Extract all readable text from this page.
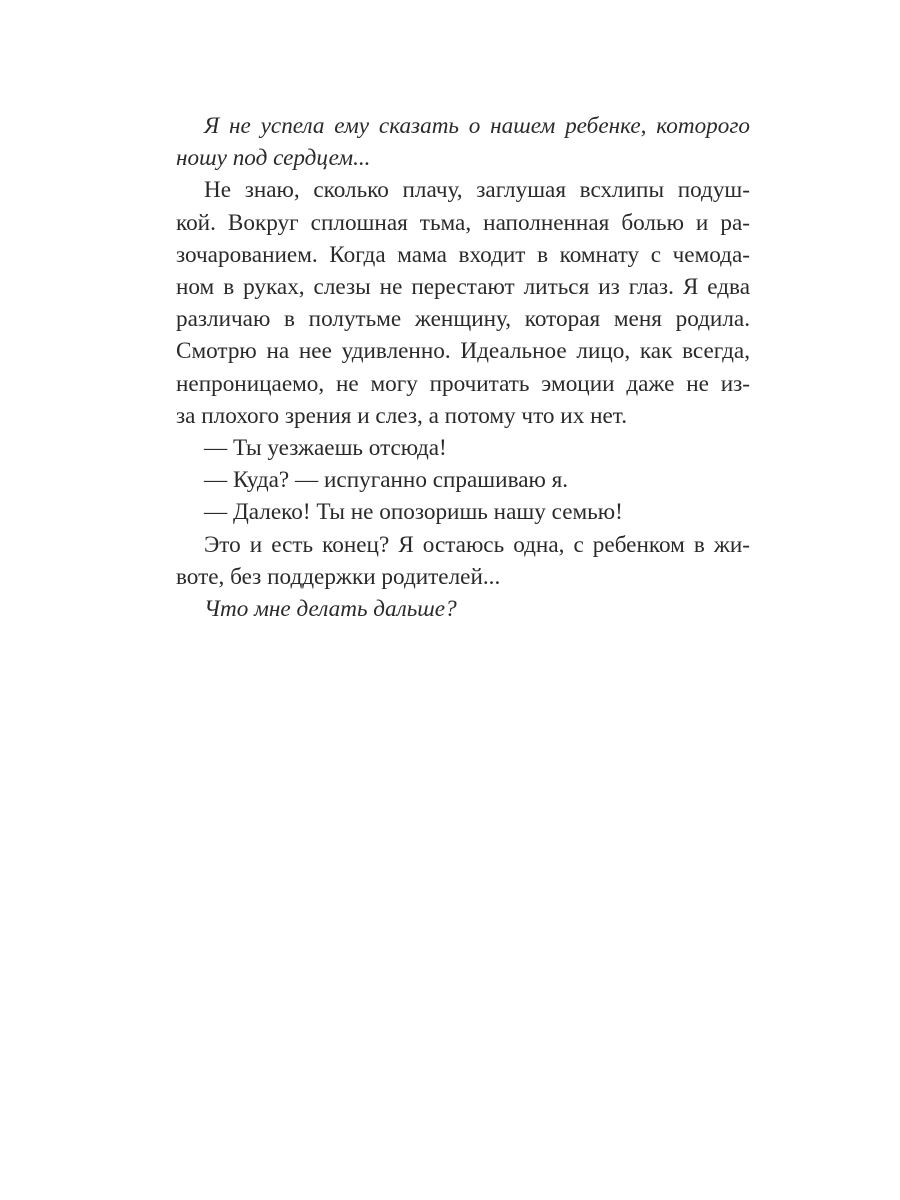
Я не успела ему сказать о нашем ребенке, которого
ношу под сердцем...
Не знаю, сколько плачу, заглушая всхлипы подуш-
кой. Вокруг сплошная тьма, наполненная болью и ра-
зочарованием. Когда мама входит в комнату с чемода-
ном в руках, слезы не перестают литься из глаз. Я едва
различаю в полутьме женщину, которая меня родила.
Смотрю на нее удивленно. Идеальное лицо, как всегда,
непроницаемо, не могу прочитать эмоции даже не из-
за плохого зрения и слез, а потому что их нет.
— Ты уезжаешь отсюда!
— Куда? — испуганно спрашиваю я.
— Далеко! Ты не опозоришь нашу семью!
Это и есть конец? Я остаюсь одна, с ребенком в жи-
воте, без поддержки родителей...
Что мне делать дальше?
